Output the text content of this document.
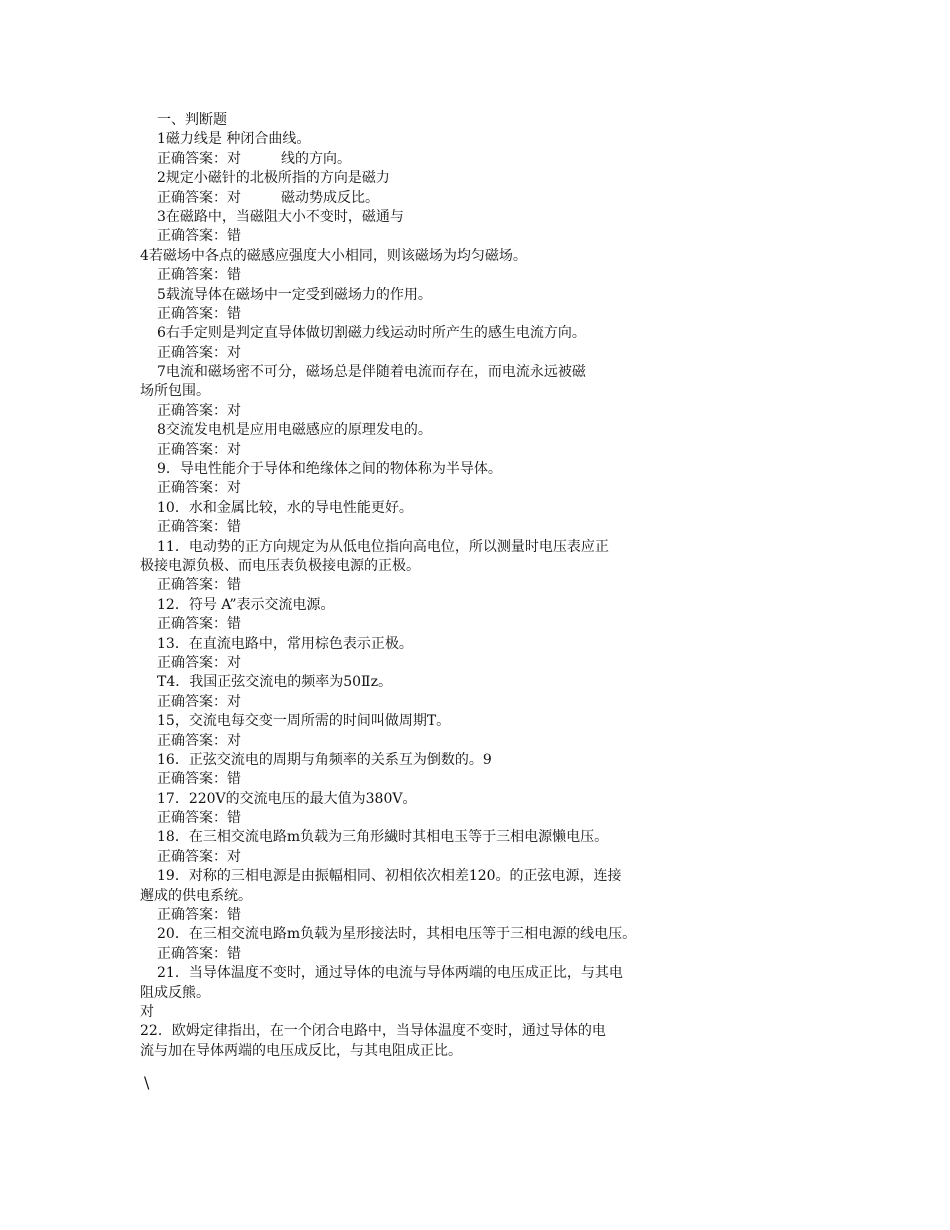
一、判断题
1磁力线是 种闭合曲线。
正确答案：对	线的方向。
2规定小磁针的北极所指的方向是磁力
正确答案：对	磁动势成反比。
3在磁路中，当磁阻大小不变时，磁通与
正确答案：错
4若磁场中各点的磁感应强度大小相同，则该磁场为均匀磁场。
正确答案：错
5载流导体在磁场中一定受到磁场力的作用。
正确答案：错
6右手定则是判定直导体做切割磁力线运动时所产生的感生电流方向。
正确答案：对
7电流和磁场密不可分，磁场总是伴随着电流而存在，而电流永远被磁
场所包围。
正确答案：对
8交流发电机是应用电磁感应的原理发电的。
正确答案：对
9．导电性能介于导体和绝缘体之间的物体称为半导体。
正确答案：对
10．水和金属比较，水的导电性能更好。
正确答案：错
11．电动势的正方向规定为从低电位指向高电位，所以测量时电压表应正
极接电源负极、而电压表负极接电源的正极。
正确答案：错
12．符号 A”表示交流电源。
正确答案：错
13．在直流电路中，常用棕色表示正极。
正确答案：对
T4．我国正弦交流电的频率为50Ⅱz。
正确答案：对
15，交流电每交变一周所需的时间叫做周期T。
正确答案：对
16．正弦交流电的周期与角频率的关系互为倒数的。9
正确答案：错
17．220V的交流电压的最大值为380V。
正确答案：错
18．在三相交流电路m负载为三角形繊时其相电玉等于三相电源懒电压。
正确答案：对
19．对称的三相电源是由振幅相同、初相依次相差120。的正弦电源，连接
邂成的供电系统。
正确答案：错
20．在三相交流电路m负载为星形接法时，其相电压等于三相电源的线电压。
正确答案：错
21．当导体温度不变时，通过导体的电流与导体两端的电压成正比，与其电
阻成反熊。
对
22．欧姆定律指出，在一个闭合电路中，当导体温度不变时，通过导体的电
流与加在导体两端的电压成反比，与其电阻成正比。
\
